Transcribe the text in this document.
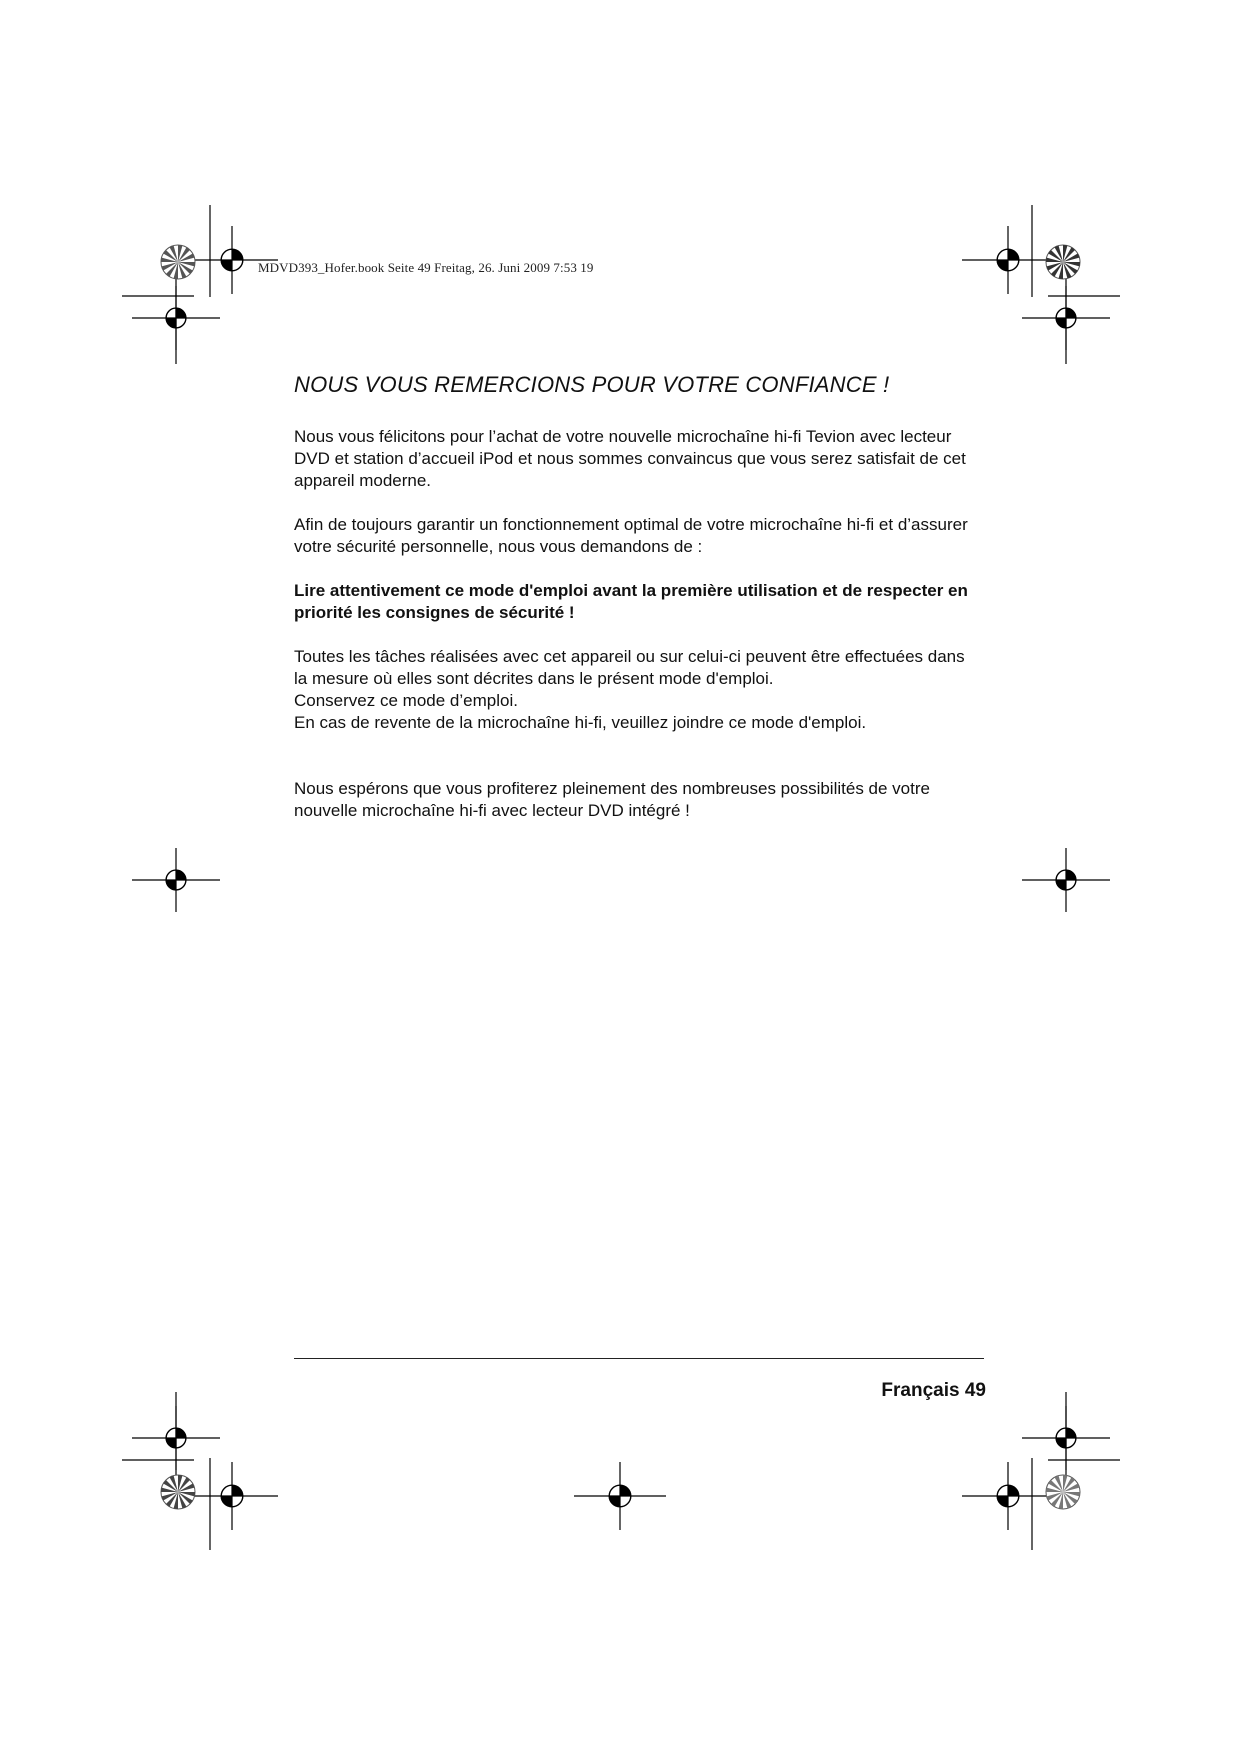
MDVD393_Hofer.book Seite 49 Freitag, 26. Juni 2009 7:53 19
NOUS VOUS REMERCIONS POUR VOTRE CONFIANCE !
Nous vous félicitons pour l’achat de votre nouvelle microchaîne hi-fi Tevion avec lecteur
DVD et station d’accueil iPod et nous sommes convaincus que vous serez satisfait de cet
appareil moderne.
Afin de toujours garantir un fonctionnement optimal de votre microchaîne hi-fi et d’assurer
votre sécurité personnelle, nous vous demandons de :
Lire attentivement ce mode d'emploi avant la première utilisation et de respecter en
priorité les consignes de sécurité !
Toutes les tâches réalisées avec cet appareil ou sur celui-ci peuvent être effectuées dans
la mesure où elles sont décrites dans le présent mode d'emploi.
Conservez ce mode d’emploi.
En cas de revente de la microchaîne hi-fi, veuillez joindre ce mode d'emploi.
Nous espérons que vous profiterez pleinement des nombreuses possibilités de votre
nouvelle microchaîne hi-fi avec lecteur DVD intégré !
Français 49
